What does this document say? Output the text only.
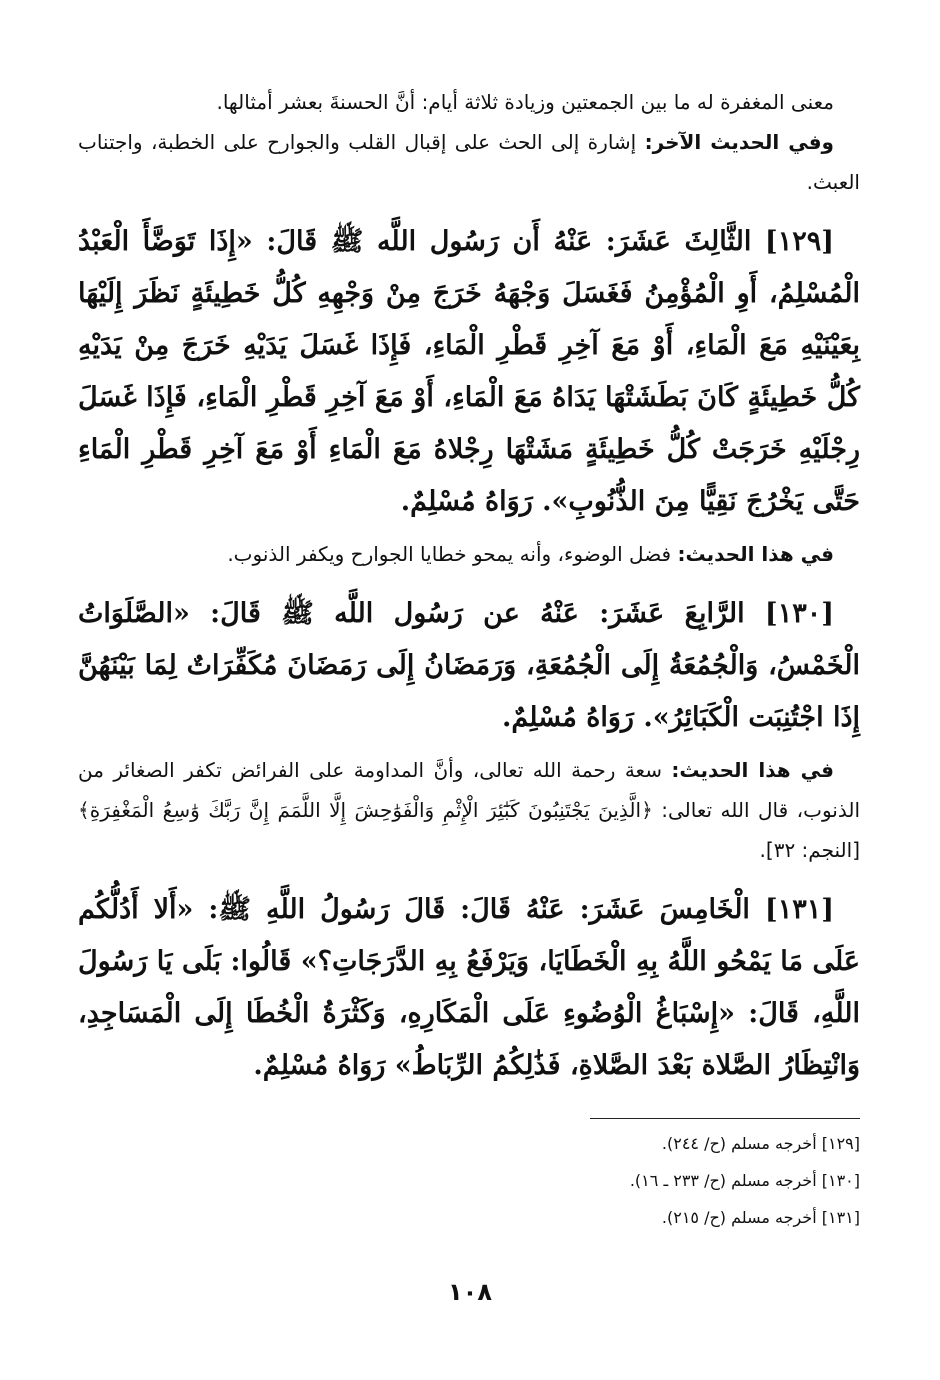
معنى المغفرة له ما بين الجمعتين وزيادة ثلاثة أيام: أنَّ الحسنةَ بعشر أمثالها.

وفي الحديث الآخر: إشارة إلى الحث على إقبال القلب والجوارح على الخطبة، واجتناب العبث.

[١٢٩] الثَّالِثَ عَشَرَ: عَنْهُ أَن رَسُول اللَّه ﷺ قَالَ: «إِذَا تَوَضَّأَ الْعَبْدُ الْمُسْلِمُ، أَوِ الْمُؤْمِنُ فَغَسَلَ وَجْهَهُ خَرَجَ مِنْ وَجْهِهِ كُلُّ خَطِيئَةٍ نَظَرَ إِلَيْهَا بِعَيْنَيْهِ مَعَ الْمَاءِ، أَوْ مَعَ آخِرِ قَطْرِ الْمَاءِ، فَإِذَا غَسَلَ يَدَيْهِ خَرَجَ مِنْ يَدَيْهِ كُلُّ خَطِيئَةٍ كَانَ بَطَشَتْهَا يَدَاهُ مَعَ الْمَاءِ، أَوْ مَعَ آخِرِ قَطْرِ الْمَاءِ، فَإِذَا غَسَلَ رِجْلَيْهِ خَرَجَتْ كُلُّ خَطِيئَةٍ مَشَتْهَا رِجْلاهُ مَعَ الْمَاءِ أَوْ مَعَ آخِرِ قَطْرِ الْمَاءِ حَتَّى يَخْرُجَ نَقِيًّا مِنَ الذُّنُوبِ». رَوَاهُ مُسْلِمٌ.

في هذا الحديث: فضل الوضوء، وأنه يمحو خطايا الجوارح ويكفر الذنوب.

[١٣٠] الرَّابِعَ عَشَرَ: عَنْهُ عن رَسُول اللَّه ﷺ قَالَ: «الصَّلَوَاتُ الْخَمْسُ، وَالْجُمُعَةُ إِلَى الْجُمُعَةِ، وَرَمَضَانُ إِلَى رَمَضَانَ مُكَفِّرَاتٌ لِمَا بَيْنَهُنَّ إِذَا اجْتُنِبَت الْكَبَائِرُ». رَوَاهُ مُسْلِمٌ.

في هذا الحديث: سعة رحمة الله تعالى، وأنَّ المداومة على الفرائض تكفر الصغائر من الذنوب، قال الله تعالى: ﴿الَّذِينَ يَجْتَنِبُونَ كَبَٰٓئِرَ الْإِثْمِ وَالْفَوَٰحِشَ إِلَّا اللَّمَمَ إِنَّ رَبَّكَ وَٰسِعُ الْمَغْفِرَةِ﴾ [النجم: ٣٢].

[١٣١] الْخَامِسَ عَشَرَ: عَنْهُ قَالَ: قَالَ رَسُولُ اللَّهِ ﷺ: «أَلا أَدُلُّكُم عَلَى مَا يَمْحُو اللَّهُ بِهِ الْخَطَايَا، وَيَرْفَعُ بِهِ الدَّرَجَاتِ؟» قَالُوا: بَلَى يَا رَسُولَ اللَّهِ، قَالَ: «إِسْبَاغُ الْوُضُوءِ عَلَى الْمَكَارِهِ، وَكَثْرَةُ الْخُطَا إِلَى الْمَسَاجِدِ، وَانْتِظَارُ الصَّلاة بَعْدَ الصَّلاةِ، فَذَٰلِكُمُ الرِّبَاطُ» رَوَاهُ مُسْلِمٌ.

[١٢٩] أخرجه مسلم (ح/ ٢٤٤).
[١٣٠] أخرجه مسلم (ح/ ٢٣٣ ـ ١٦).
[١٣١] أخرجه مسلم (ح/ ٢١٥).
١٠٨
